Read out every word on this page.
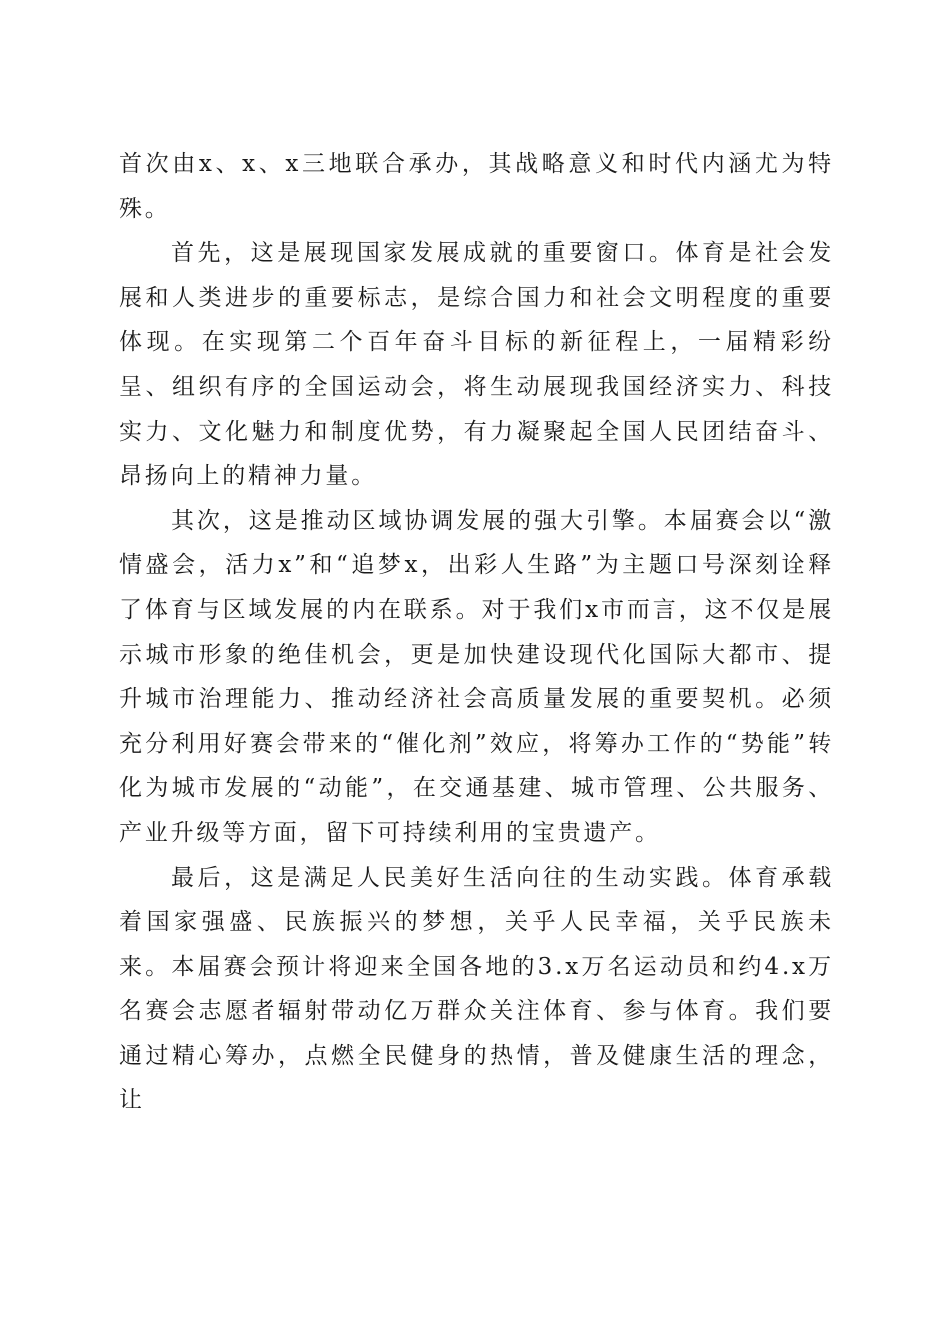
首次由x、x、x三地联合承办，其战略意义和时代内涵尤为特殊。

首先，这是展现国家发展成就的重要窗口。体育是社会发展和人类进步的重要标志，是综合国力和社会文明程度的重要体现。在实现第二个百年奋斗目标的新征程上，一届精彩纷呈、组织有序的全国运动会，将生动展现我国经济实力、科技实力、文化魅力和制度优势，有力凝聚起全国人民团结奋斗、昂扬向上的精神力量。

其次，这是推动区域协调发展的强大引擎。本届赛会以“激情盛会，活力x”和“追梦x，出彩人生路”为主题口号深刻诠释了体育与区域发展的内在联系。对于我们x市而言，这不仅是展示城市形象的绝佳机会，更是加快建设现代化国际大都市、提升城市治理能力、推动经济社会高质量发展的重要契机。必须充分利用好赛会带来的“催化剂”效应，将筹办工作的“势能”转化为城市发展的“动能”，在交通基建、城市管理、公共服务、产业升级等方面，留下可持续利用的宝贵遗产。

最后，这是满足人民美好生活向往的生动实践。体育承载着国家强盛、民族振兴的梦想，关乎人民幸福，关乎民族未来。本届赛会预计将迎来全国各地的3.x万名运动员和约4.x万名赛会志愿者辐射带动亿万群众关注体育、参与体育。我们要通过精心筹办，点燃全民健身的热情，普及健康生活的理念，让
